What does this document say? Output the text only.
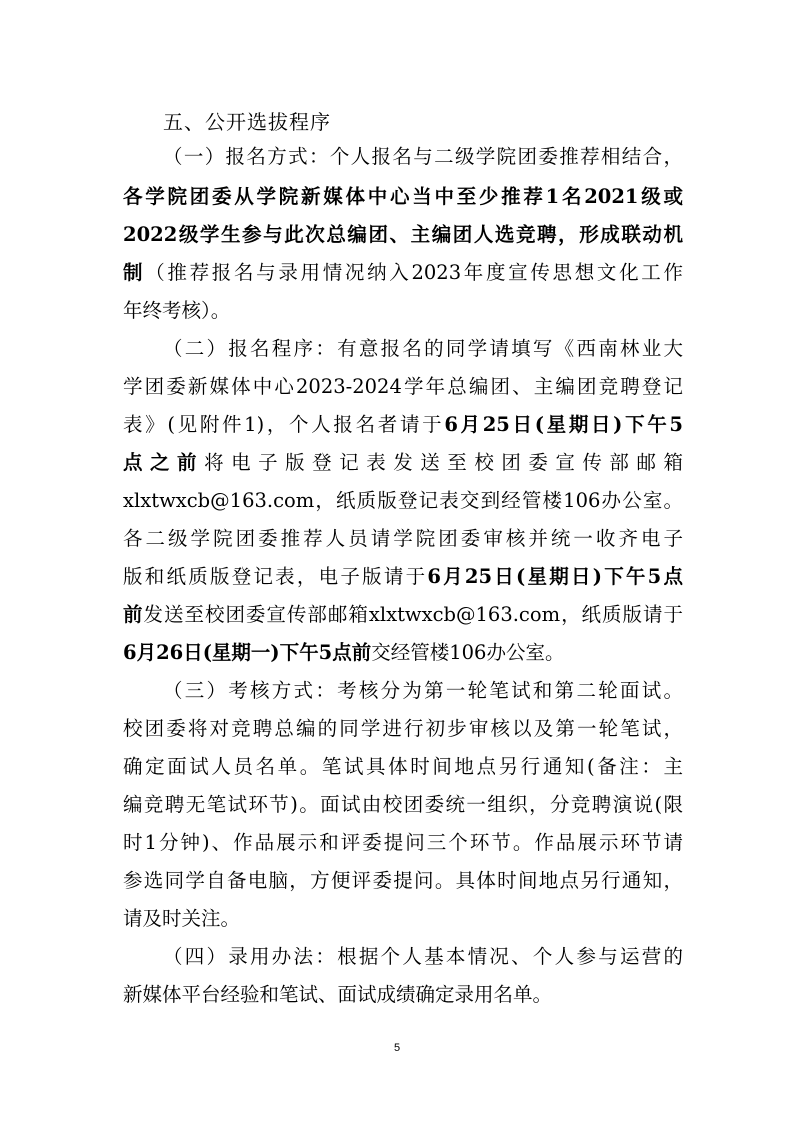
五、公开选拔程序
（一）报名方式：个人报名与二级学院团委推荐相结合，
各学院团委从学院新媒体中心当中至少推荐1名2021级或
2022级学生参与此次总编团、主编团人选竞聘，形成联动机
制（推荐报名与录用情况纳入2023年度宣传思想文化工作
年终考核）。
（二）报名程序：有意报名的同学请填写《西南林业大
学团委新媒体中心2023-2024学年总编团、主编团竞聘登记
表》(见附件1)，个人报名者请于6月25日(星期日)下午5
点之前将电子版登记表发送至校团委宣传部邮箱
xlxtwxcb@163.com，纸质版登记表交到经管楼106办公室。
各二级学院团委推荐人员请学院团委审核并统一收齐电子
版和纸质版登记表，电子版请于6月25日(星期日)下午5点
前发送至校团委宣传部邮箱xlxtwxcb@163.com，纸质版请于
6月26日(星期一)下午5点前交经管楼106办公室。
（三）考核方式：考核分为第一轮笔试和第二轮面试。
校团委将对竞聘总编的同学进行初步审核以及第一轮笔试，
确定面试人员名单。笔试具体时间地点另行通知(备注：主
编竞聘无笔试环节)。面试由校团委统一组织，分竞聘演说(限
时1分钟)、作品展示和评委提问三个环节。作品展示环节请
参选同学自备电脑，方便评委提问。具体时间地点另行通知，
请及时关注。
（四）录用办法：根据个人基本情况、个人参与运营的
新媒体平台经验和笔试、面试成绩确定录用名单。
5
